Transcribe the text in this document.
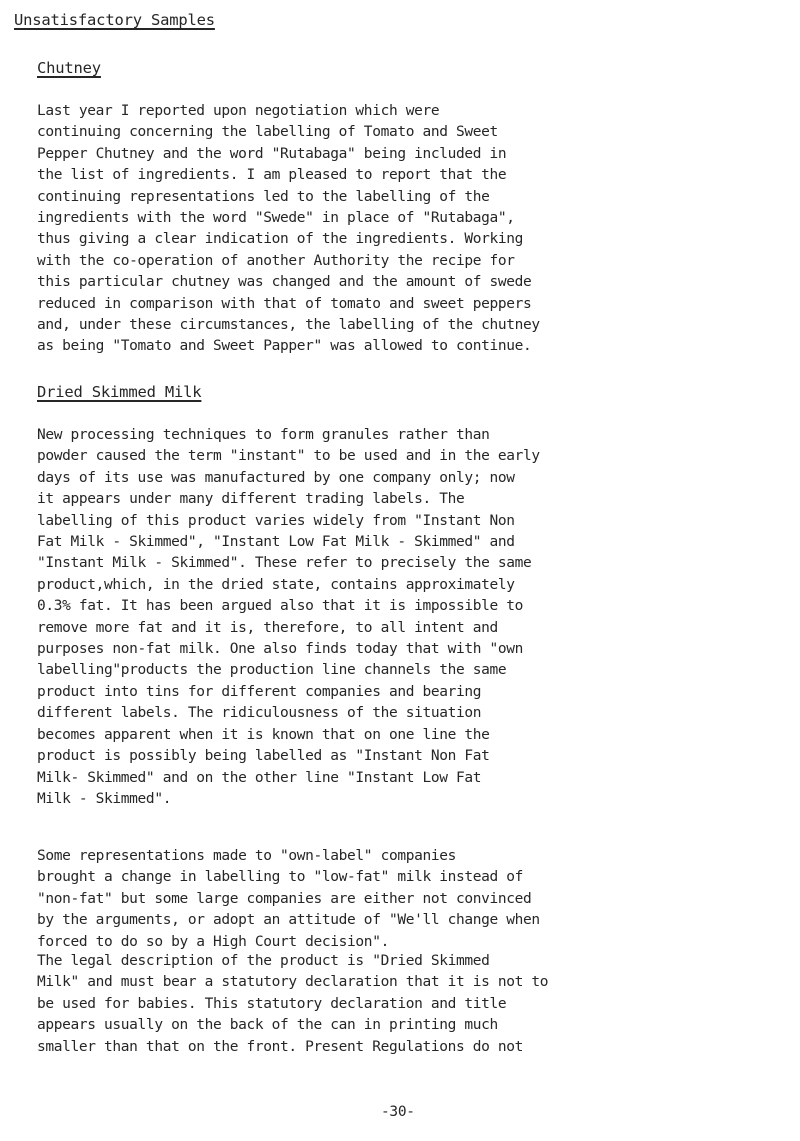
Unsatisfactory Samples
Chutney
Last year I reported upon negotiation which were
continuing concerning the labelling of Tomato and Sweet
Pepper Chutney and the word "Rutabaga" being included in
the list of ingredients. I am pleased to report that the
continuing representations led to the labelling of the
ingredients with the word "Swede" in place of "Rutabaga",
thus giving a clear indication of the ingredients. Working
with the co-operation of another Authority the recipe for
this particular chutney was changed and the amount of swede
reduced in comparison with that of tomato and sweet peppers
and, under these circumstances, the labelling of the chutney
as being "Tomato and Sweet Papper" was allowed to continue.
Dried Skimmed Milk
New processing techniques to form granules rather than
powder caused the term "instant" to be used and in the early
days of its use was manufactured by one company only; now
it appears under many different trading labels. The
labelling of this product varies widely from "Instant Non
Fat Milk - Skimmed", "Instant Low Fat Milk - Skimmed" and
"Instant Milk - Skimmed". These refer to precisely the same
product,which, in the dried state, contains approximately
0.3% fat. It has been argued also that it is impossible to
remove more fat and it is, therefore, to all intent and
purposes non-fat milk. One also finds today that with "own
labelling"products the production line channels the same
product into tins for different companies and bearing
different labels. The ridiculousness of the situation
becomes apparent when it is known that on one line the
product is possibly being labelled as "Instant Non Fat
Milk- Skimmed" and on the other line "Instant Low Fat
Milk - Skimmed".
Some representations made to "own-label" companies
brought a change in labelling to "low-fat" milk instead of
"non-fat" but some large companies are either not convinced
by the arguments, or adopt an attitude of "We'll change when
forced to do so by a High Court decision".
The legal description of the product is "Dried Skimmed
Milk" and must bear a statutory declaration that it is not to
be used for babies. This statutory declaration and title
appears usually on the back of the can in printing much
smaller than that on the front. Present Regulations do not
-30-
